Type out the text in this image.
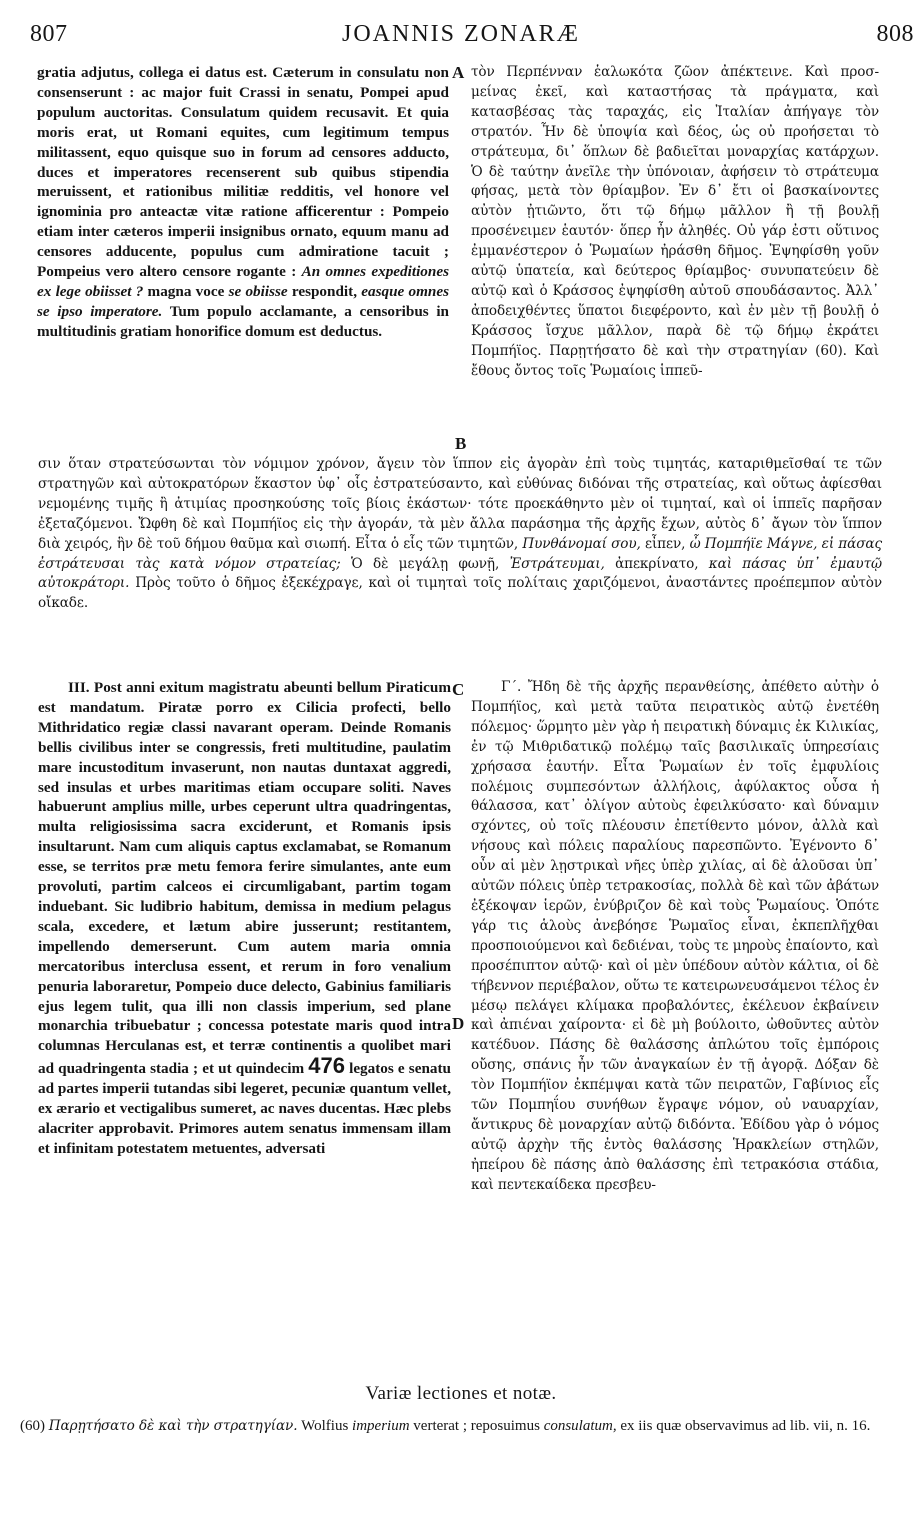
807	JOANNIS ZONARÆ	808
A
B
C
D

gratia adjutus, collega ei datus est. Cæterum in consulatu non consenserunt : ac major fuit Crassi in senatu, Pompei apud populum auctoritas. Consulatum quidem recusavit. Et quia moris erat, ut Romani equites, cum legitimum tempus militassent, equo quisque suo in forum ad censores adducto, duces et imperatores recenserent sub quibus stipendia meruissent, et rationibus militiæ redditis, vel honore vel ignominia pro anteactæ vitæ ratione afficerentur : Pompeio etiam inter cæteros imperii insignibus ornato, equum manu ad censores adducente, populus cum admiratione tacuit ; Pompeius vero altero censore rogante : An omnes expeditiones ex lege obiisset ? magna voce se obiisse respondit, easque omnes se ipso imperatore. Tum populo acclamante, a censoribus in multitudinis gratiam honorifice domum est deductus.

τὸν Περπένναν ἑαλωκότα ζῶον ἀπέκτεινε. Καὶ προσ-μείνας ἐκεῖ, καὶ καταστήσας τὰ πράγματα, καὶ κατασβέσας τὰς ταραχάς, εἰς Ἰταλίαν ἀπήγαγε τὸν στρατόν. Ἦν δὲ ὑποψία καὶ δέος, ὡς οὐ προήσεται τὸ στράτευμα, δι᾽ ὅπλων δὲ βαδιεῖται μοναρχίας κατάρχων. Ὁ δὲ ταύτην ἀνεῖλε τὴν ὑπόνοιαν, ἀφήσειν τὸ στράτευμα φήσας, μετὰ τὸν θρίαμβον. Ἐν δ᾽ ἔτι οἱ βασκαίνοντες αὐτὸν ᾐτιῶντο, ὅτι τῷ δήμῳ μᾶλλον ἢ τῇ βουλῇ προσένειμεν ἑαυτόν· ὅπερ ἦν ἀληθές. Οὐ γάρ ἐστι οὕτινος ἐμμανέστερον ὁ Ῥωμαίων ἠράσθη δῆμος. Ἐψηφίσθη γοῦν αὐτῷ ὑπατεία, καὶ δεύτερος θρίαμβος· συνυπατεύειν δὲ αὐτῷ καὶ ὁ Κράσσος ἐψηφίσθη αὐτοῦ σπουδάσαντος. Ἀλλ᾽ ἀποδειχθέντες ὕπατοι διεφέροντο, καὶ ἐν μὲν τῇ βουλῇ ὁ Κράσσος ἴσχυε μᾶλλον, παρὰ δὲ τῷ δήμῳ ἐκράτει Πομπήϊος. Παρῃτήσατο δὲ καὶ τὴν στρατηγίαν (60). Καὶ ἔθους ὄντος τοῖς Ῥωμαίοις ἱππεῦ-

σιν ὅταν στρατεύσωνται τὸν νόμιμον χρόνον, ἄγειν τὸν ἵππον εἰς ἀγορὰν ἐπὶ τοὺς τιμητάς, καταριθμεῖσθαί τε τῶν στρατηγῶν καὶ αὐτοκρατόρων ἕκαστον ὑφ᾽ οἷς ἐστρατεύσαντο, καὶ εὐθύνας διδόναι τῆς στρατείας, καὶ οὕτως ἀφίεσθαι νεμομένης τιμῆς ἢ ἀτιμίας προσηκούσης τοῖς βίοις ἑκάστων· τότε προεκάθηντο μὲν οἱ τιμηταί, καὶ οἱ ἱππεῖς παρῆσαν ἐξεταζόμενοι. Ὤφθη δὲ καὶ Πομπήϊος εἰς τὴν ἀγοράν, τὰ μὲν ἄλλα παράσημα τῆς ἀρχῆς ἔχων, αὐτὸς δ᾽ ἄγων τὸν ἵππον διὰ χειρός, ἣν δὲ τοῦ δήμου θαῦμα καὶ σιωπή. Εἶτα ὁ εἷς τῶν τιμητῶν, Πυνθάνομαί σου, εἶπεν, ὦ Πομπήϊε Μάγνε, εἰ πάσας ἐστράτευσαι τὰς κατὰ νόμον στρατείας; Ὁ δὲ μεγάλῃ φωνῇ, Ἐστράτευμαι, ἀπεκρίνατο, καὶ πάσας ὑπ᾽ ἐμαυτῷ αὐτοκράτορι. Πρὸς τοῦτο ὁ δῆμος ἐξεκέχραγε, καὶ οἱ τιμηταὶ τοῖς πολίταις χαριζόμενοι, ἀναστάντες προέπεμπον αὐτὸν οἴκαδε.

III. Post anni exitum magistratu abeunti bellum Piraticum est mandatum. Piratæ porro ex Cilicia profecti, bello Mithridatico regiæ classi navarant operam. Deinde Romanis bellis civilibus inter se congressis, freti multitudine, paulatim mare incustoditum invaserunt, non nautas duntaxat aggredi, sed insulas et urbes maritimas etiam occupare soliti. Naves habuerunt amplius mille, urbes ceperunt ultra quadringentas, multa religiosissima sacra exciderunt, et Romanis ipsis insultarunt. Nam cum aliquis captus exclamabat, se Romanum esse, se territos præ metu femora ferire simulantes, ante eum provoluti, partim calceos ei circumligabant, partim togam induebant. Sic ludibrio habitum, demissa in medium pelagus scala, excedere, et lætum abire jusserunt; restitantem, impellendo demerserunt. Cum autem maria omnia mercatoribus interclusa essent, et rerum in foro venalium penuria laboraretur, Pompeio duce delecto, Gabinius familiaris ejus legem tulit, qua illi non classis imperium, sed plane monarchia tribuebatur ; concessa potestate maris quod intra columnas Herculanas est, et terræ continentis a quolibet mari ad quadringenta stadia ; et ut quindecim 476 legatos e senatu ad partes imperii tutandas sibi legeret, pecuniæ quantum vellet, ex ærario et vectigalibus sumeret, ac naves ducentas. Hæc plebs alacriter approbavit. Primores autem senatus immensam illam et infinitam potestatem metuentes, adversati

Γ΄. Ἤδη δὲ τῆς ἀρχῆς περανθείσης, ἀπέθετο αὐτὴν ὁ Πομπήϊος, καὶ μετὰ ταῦτα πειρατικὸς αὐτῷ ἐνετέθη πόλεμος· ὥρμητο μὲν γὰρ ἡ πειρατικὴ δύναμις ἐκ Κιλικίας, ἐν τῷ Μιθριδατικῷ πολέμῳ ταῖς βασιλικαῖς ὑπηρεσίαις χρήσασα ἑαυτήν. Εἶτα Ῥωμαίων ἐν τοῖς ἐμφυλίοις πολέμοις συμπεσόντων ἀλλήλοις, ἀφύλακτος οὖσα ἡ θάλασσα, κατ᾽ ὀλίγον αὐτοὺς ἐφειλκύσατο· καὶ δύναμιν σχόντες, οὐ τοῖς πλέουσιν ἐπετίθεντο μόνον, ἀλλὰ καὶ νήσους καὶ πόλεις παραλίους παρεσπῶντο. Ἐγένοντο δ᾽ οὖν αἱ μὲν λῃστρικαὶ νῆες ὑπὲρ χιλίας, αἱ δὲ ἁλοῦσαι ὑπ᾽ αὐτῶν πόλεις ὑπὲρ τετρακοσίας, πολλὰ δὲ καὶ τῶν ἀβάτων ἐξέκοψαν ἱερῶν, ἐνύβριζον δὲ καὶ τοὺς Ῥωμαίους. Ὁπότε γάρ τις ἁλοὺς ἀνεβόησε Ῥωμαῖος εἶναι, ἐκπεπλῆχθαι προσποιούμενοι καὶ δεδιέναι, τοὺς τε μηροὺς ἐπαίοντο, καὶ προσέπιπτον αὐτῷ· καὶ οἱ μὲν ὑπέδουν αὐτὸν κάλτια, οἱ δὲ τήβεννον περιέβαλον, οὕτω τε κατειρωνευσάμενοι τέλος ἐν μέσῳ πελάγει κλίμακα προβαλόντες, ἐκέλευον ἐκβαίνειν καὶ ἀπιέναι χαίροντα· εἰ δὲ μὴ βούλοιτο, ὠθοῦντες αὐτὸν κατέδυον. Πάσης δὲ θαλάσσης ἀπλώτου τοῖς ἐμπόροις οὔσης, σπάνις ἦν τῶν ἀναγκαίων ἐν τῇ ἀγορᾷ. Δόξαν δὲ τὸν Πομπήϊον ἐκπέμψαι κατὰ τῶν πειρατῶν, Γαβίνιος εἷς τῶν Πομπηΐου συνήθων ἔγραψε νόμον, οὐ ναυαρχίαν, ἄντικρυς δὲ μοναρχίαν αὐτῷ διδόντα. Ἐδίδου γὰρ ὁ νόμος αὐτῷ ἀρχὴν τῆς ἐντὸς θαλάσσης Ἡρακλείων στηλῶν, ἠπείρου δὲ πάσης ἀπὸ θαλάσσης ἐπὶ τετρακόσια στάδια, καὶ πεντεκαίδεκα πρεσβευ-

Variæ lectiones et notæ.
(60) Παρῃτήσατο δὲ καὶ τὴν στρατηγίαν. Wolfius imperium verterat ; reposuimus consulatum, ex iis quæ observavimus ad lib. vii, n. 16.
